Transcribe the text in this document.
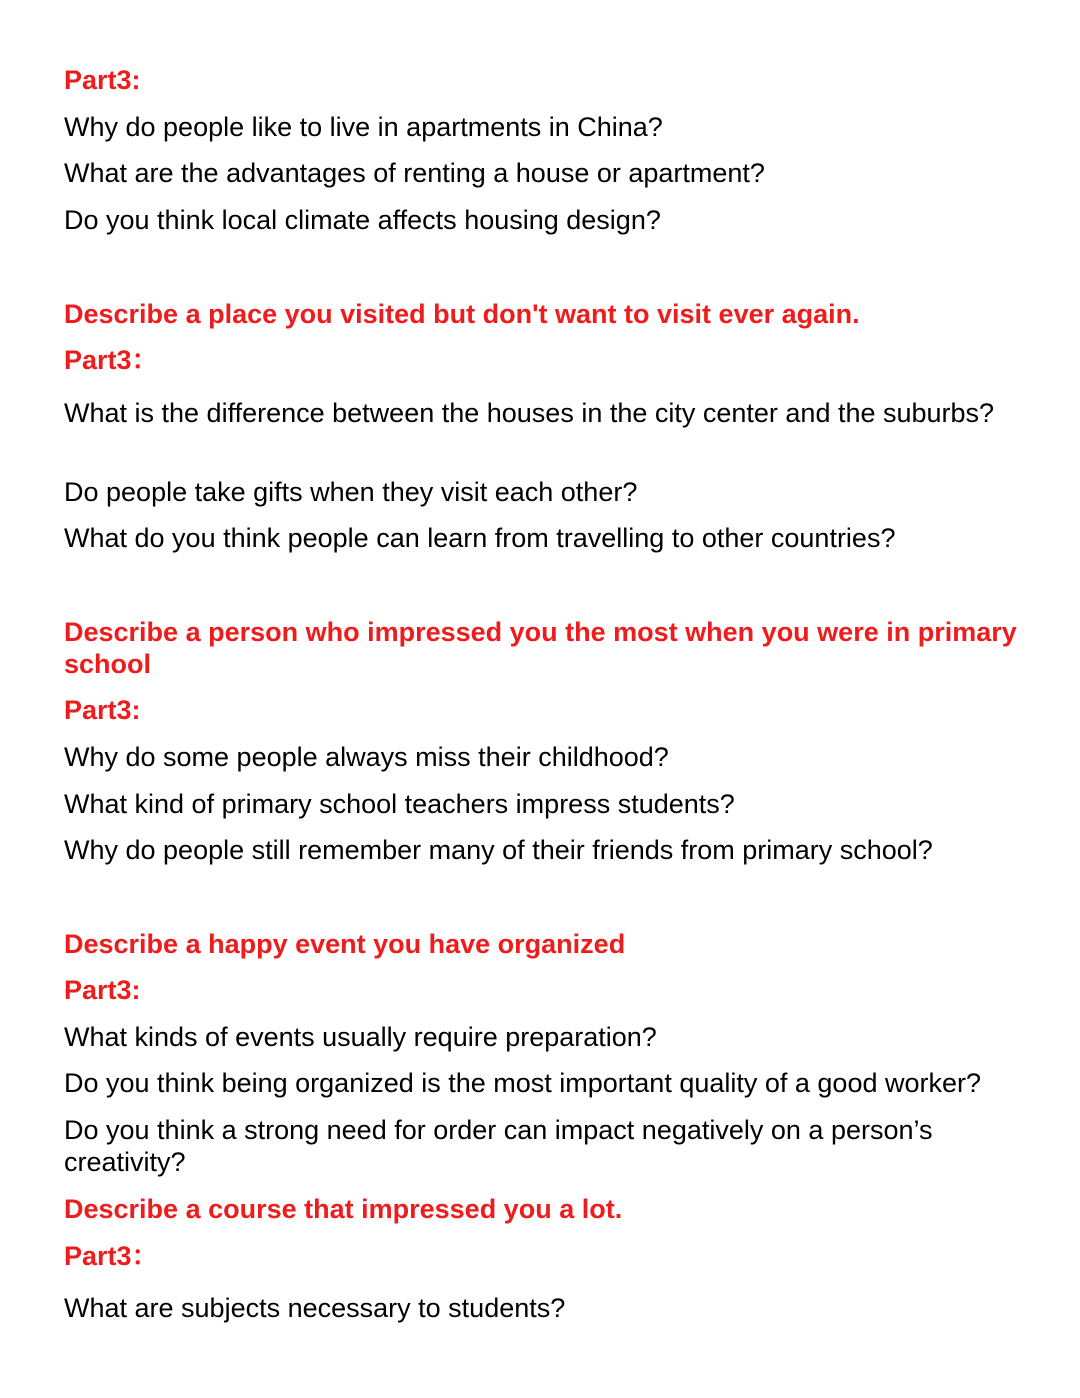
Part3:
Why do people like to live in apartments in China?
What are the advantages of renting a house or apartment?
Do you think local climate affects housing design?
Describe a place you visited but don't want to visit ever again.
Part3：
What is the difference between the houses in the city center and the suburbs?
Do people take gifts when they visit each other?
What do you think people can learn from travelling to other countries?
Describe a person who impressed you the most when you were in primary school
Part3:
Why do some people always miss their childhood?
What kind of primary school teachers impress students?
Why do people still remember many of their friends from primary school?
Describe a happy event you have organized
Part3:
What kinds of events usually require preparation?
Do you think being organized is the most important quality of a good worker?
Do you think a strong need for order can impact negatively on a person’s creativity?
Describe a course that impressed you a lot.
Part3：
What are subjects necessary to students?
